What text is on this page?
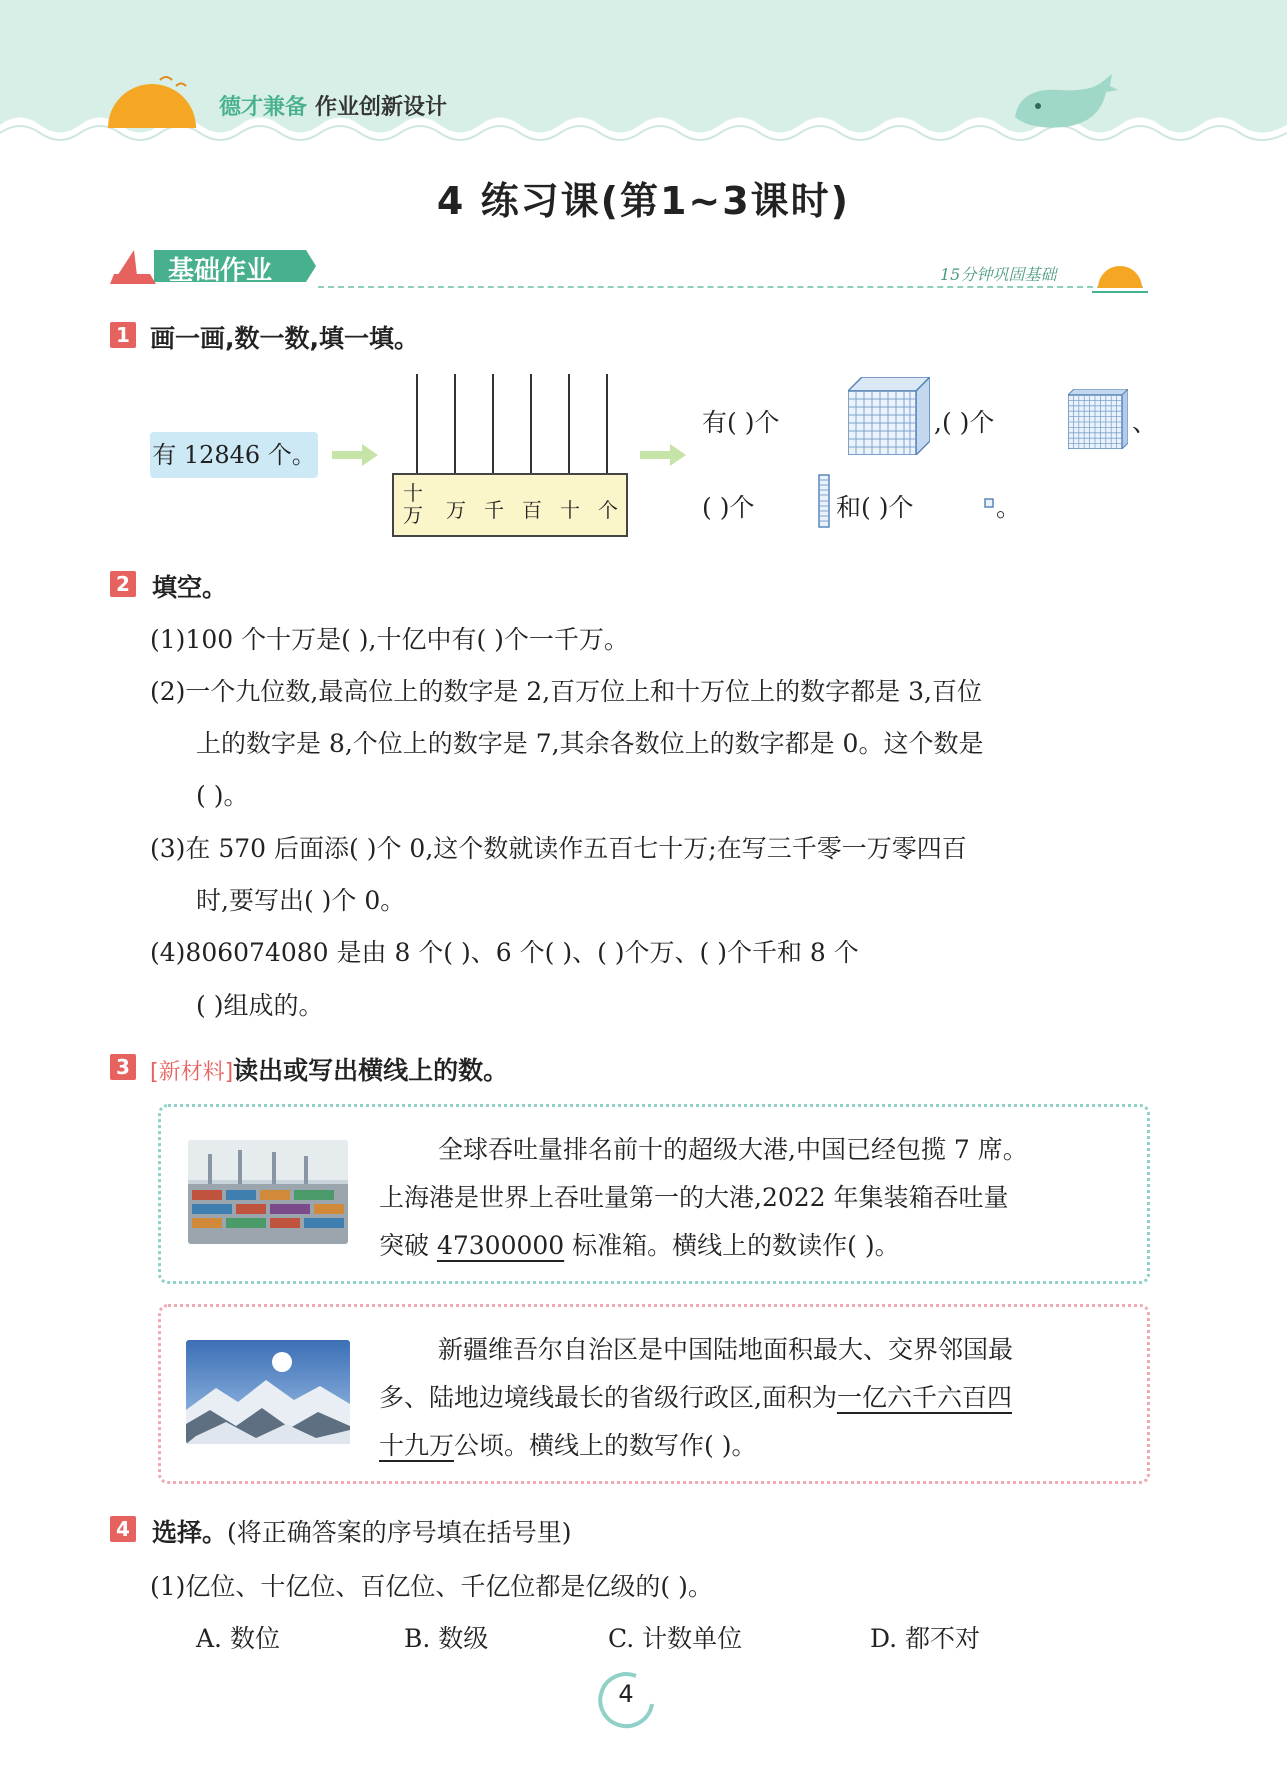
德才兼备 作业创新设计
4 练习课(第1~3课时)
基础作业	15分钟巩固基础
1 画一画,数一数,填一填。
有 12846 个。
十万 万 千 百 十 个
有( )个	,( )个	、
( )个	和( )个	。
2 填空。
(1)100 个十万是( ),十亿中有( )个一千万。
(2)一个九位数,最高位上的数字是 2,百万位上和十万位上的数字都是 3,百位
上的数字是 8,个位上的数字是 7,其余各数位上的数字都是 0。这个数是
( )。
(3)在 570 后面添( )个 0,这个数就读作五百七十万;在写三千零一万零四百
时,要写出( )个 0。
(4)806074080 是由 8 个( )、6 个( )、( )个万、( )个千和 8 个
( )组成的。
3 [新材料]读出或写出横线上的数。
全球吞吐量排名前十的超级大港,中国已经包揽 7 席。
上海港是世界上吞吐量第一的大港,2022 年集装箱吞吐量
突破 47300000 标准箱。横线上的数读作( )。
新疆维吾尔自治区是中国陆地面积最大、交界邻国最
多、陆地边境线最长的省级行政区,面积为一亿六千六百四
十九万公顷。横线上的数写作( )。
4 选择。(将正确答案的序号填在括号里)
(1)亿位、十亿位、百亿位、千亿位都是亿级的( )。
A. 数位	B. 数级	C. 计数单位	D. 都不对
4
